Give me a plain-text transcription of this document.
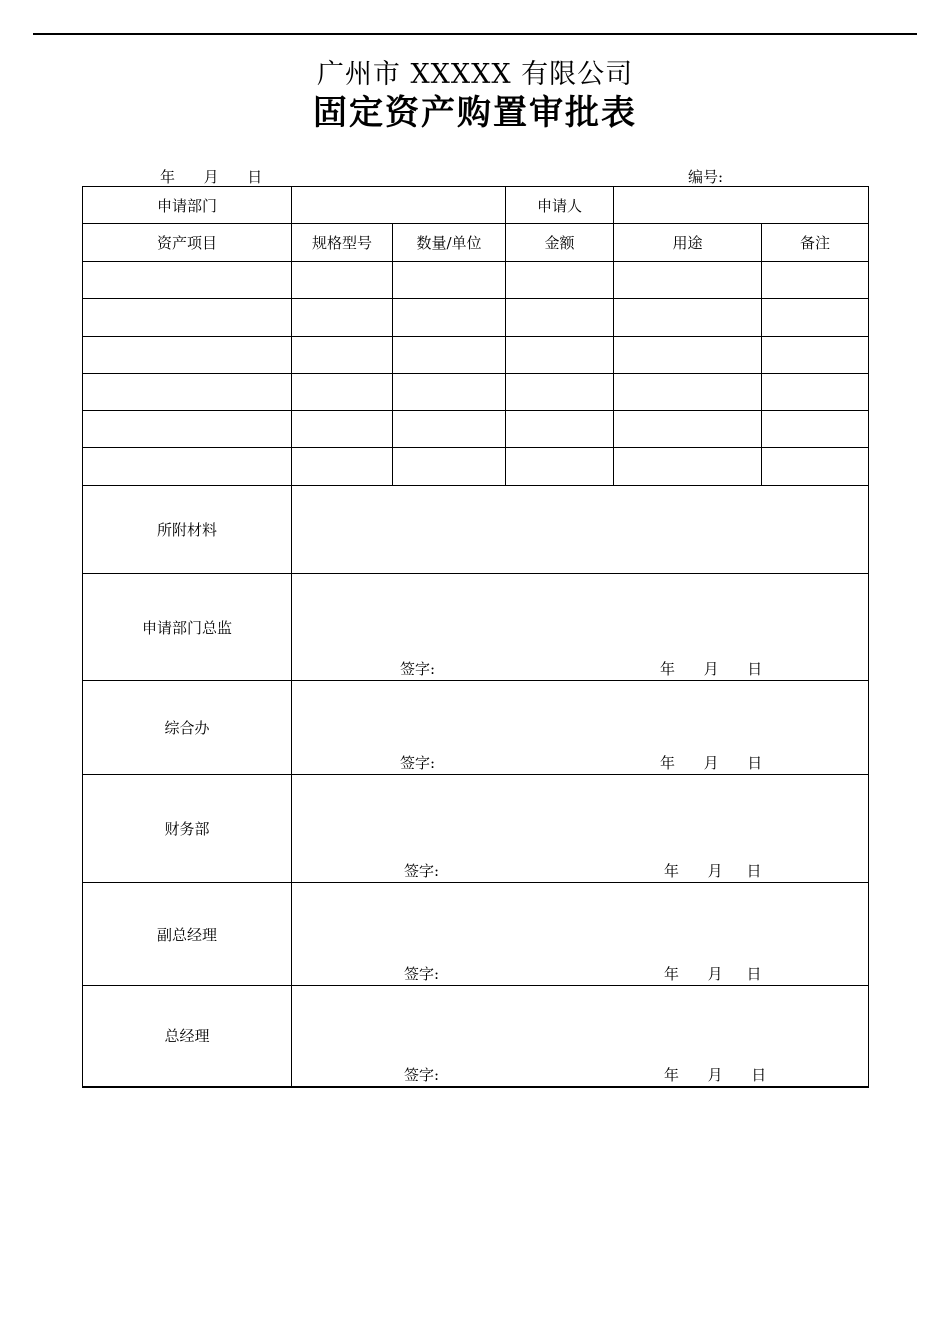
广州市 XXXXX 有限公司
固定资产购置审批表
年      月      日	编号:
申请部门			申请人		
资产项目	规格型号	数量/单位	金额	用途	备注

所附材料					
申请部门总监	签字: 年      月      日				

综合办	签字: 年      月      日				

财务部	签字: 年      月     日				

副总经理	签字: 年      月     日				

总经理	签字: 年      月      日				
